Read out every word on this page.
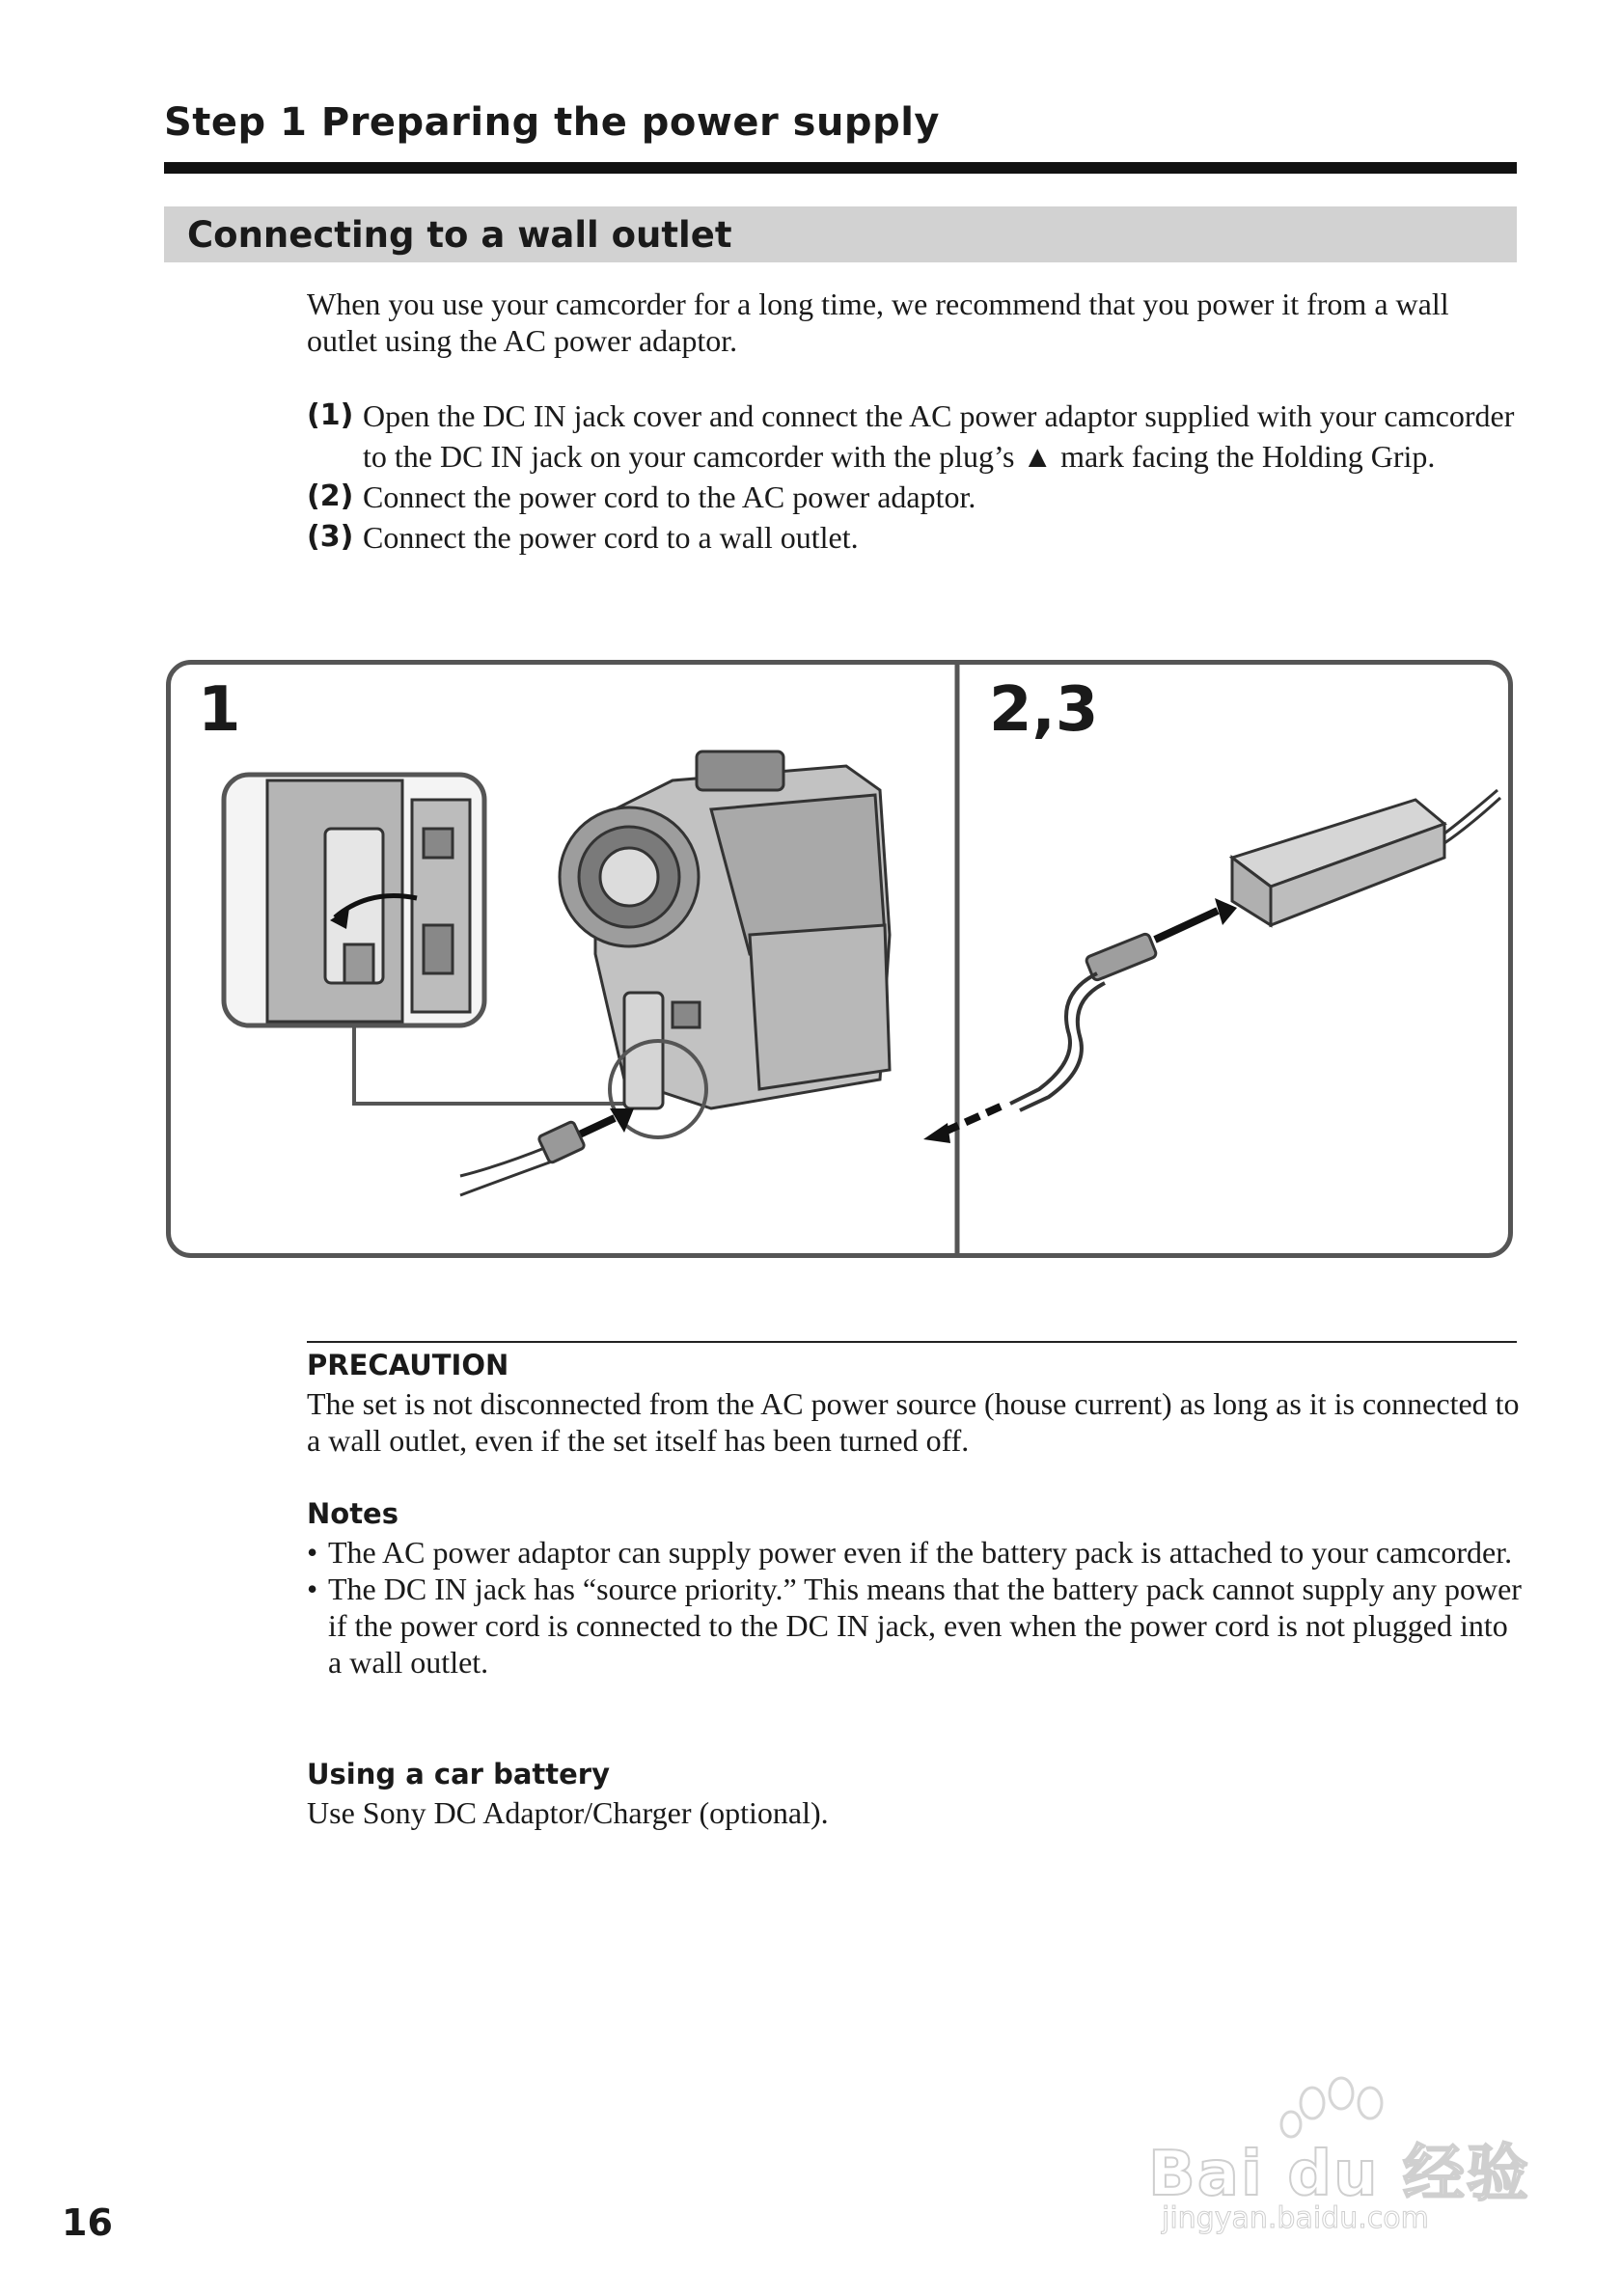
Step 1 Preparing the power supply
Connecting to a wall outlet
When you use your camcorder for a long time, we recommend that you power it from a wall outlet using the AC power adaptor.
(1) Open the DC IN jack cover and connect the AC power adaptor supplied with your camcorder to the DC IN jack on your camcorder with the plug’s ▲ mark facing the Holding Grip.
(2) Connect the power cord to the AC power adaptor.
(3) Connect the power cord to a wall outlet.
1	2,3
PRECAUTION
The set is not disconnected from the AC power source (house current) as long as it is connected to a wall outlet, even if the set itself has been turned off.
Notes
• The AC power adaptor can supply power even if the battery pack is attached to your camcorder.
• The DC IN jack has “source priority.” This means that the battery pack cannot supply any power if the power cord is connected to the DC IN jack, even when the power cord is not plugged into a wall outlet.
Using a car battery
Use Sony DC Adaptor/Charger (optional).
16
Bai du 经验
jingyan.baidu.com
